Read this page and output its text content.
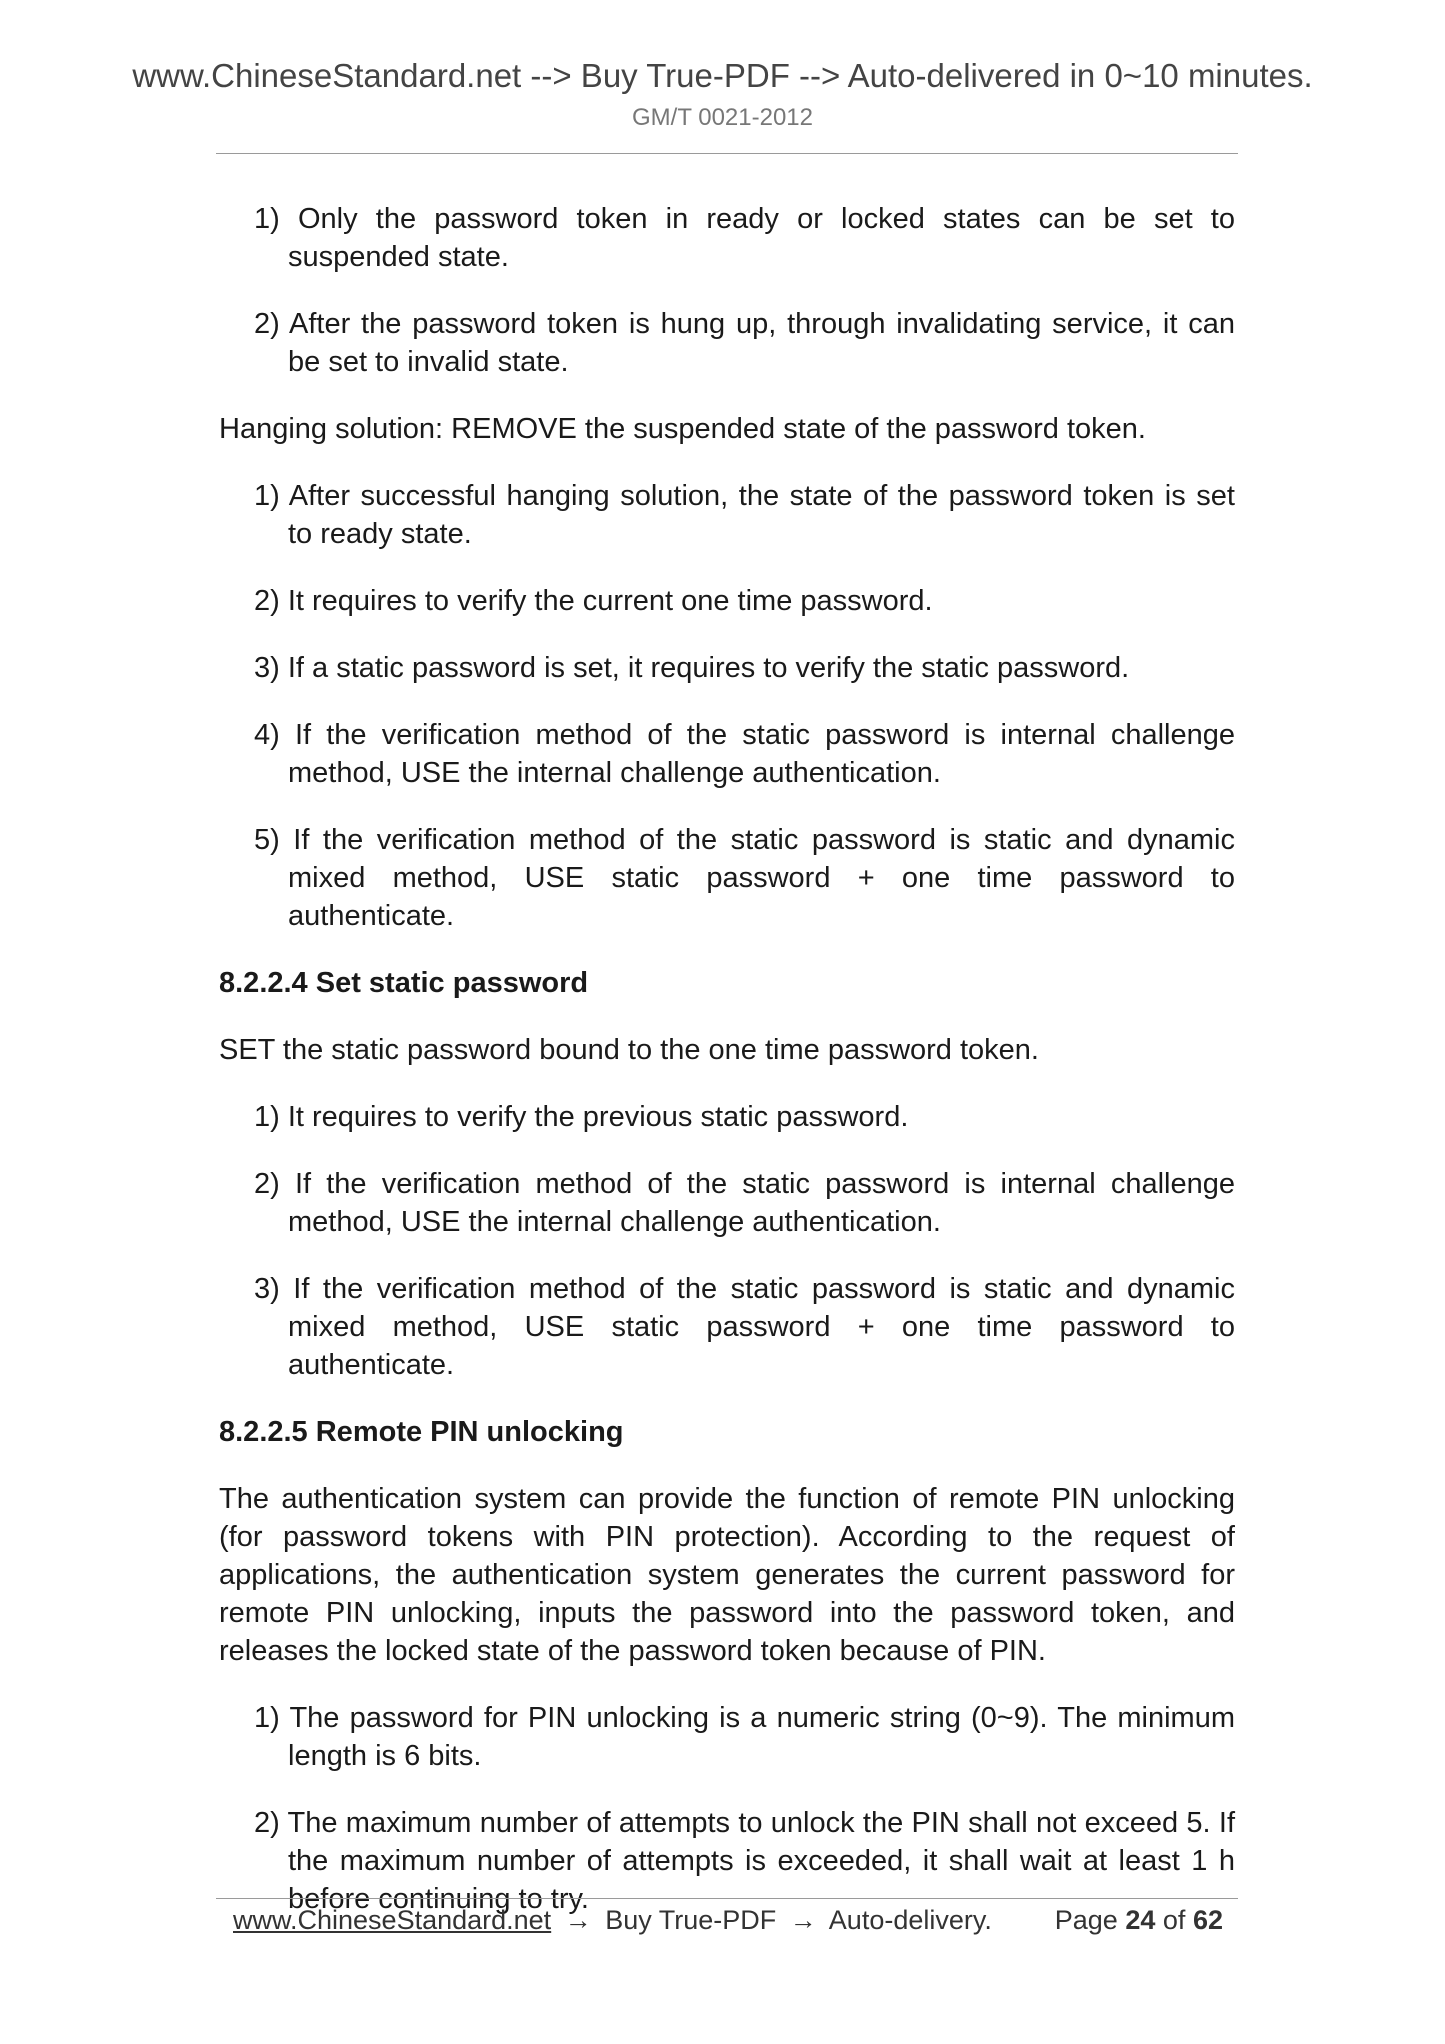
www.ChineseStandard.net --> Buy True-PDF --> Auto-delivered in 0~10 minutes.
GM/T 0021-2012
1) Only the password token in ready or locked states can be set to suspended state.
2) After the password token is hung up, through invalidating service, it can be set to invalid state.
Hanging solution: REMOVE the suspended state of the password token.
1) After successful hanging solution, the state of the password token is set to ready state.
2) It requires to verify the current one time password.
3) If a static password is set, it requires to verify the static password.
4) If the verification method of the static password is internal challenge method, USE the internal challenge authentication.
5) If the verification method of the static password is static and dynamic mixed method, USE static password + one time password to authenticate.
8.2.2.4 Set static password
SET the static password bound to the one time password token.
1) It requires to verify the previous static password.
2) If the verification method of the static password is internal challenge method, USE the internal challenge authentication.
3) If the verification method of the static password is static and dynamic mixed method, USE static password + one time password to authenticate.
8.2.2.5 Remote PIN unlocking
The authentication system can provide the function of remote PIN unlocking (for password tokens with PIN protection). According to the request of applications, the authentication system generates the current password for remote PIN unlocking, inputs the password into the password token, and releases the locked state of the password token because of PIN.
1) The password for PIN unlocking is a numeric string (0~9). The minimum length is 6 bits.
2) The maximum number of attempts to unlock the PIN shall not exceed 5. If the maximum number of attempts is exceeded, it shall wait at least 1 h before continuing to try.
www.ChineseStandard.net → Buy True-PDF → Auto-delivery. Page 24 of 62
